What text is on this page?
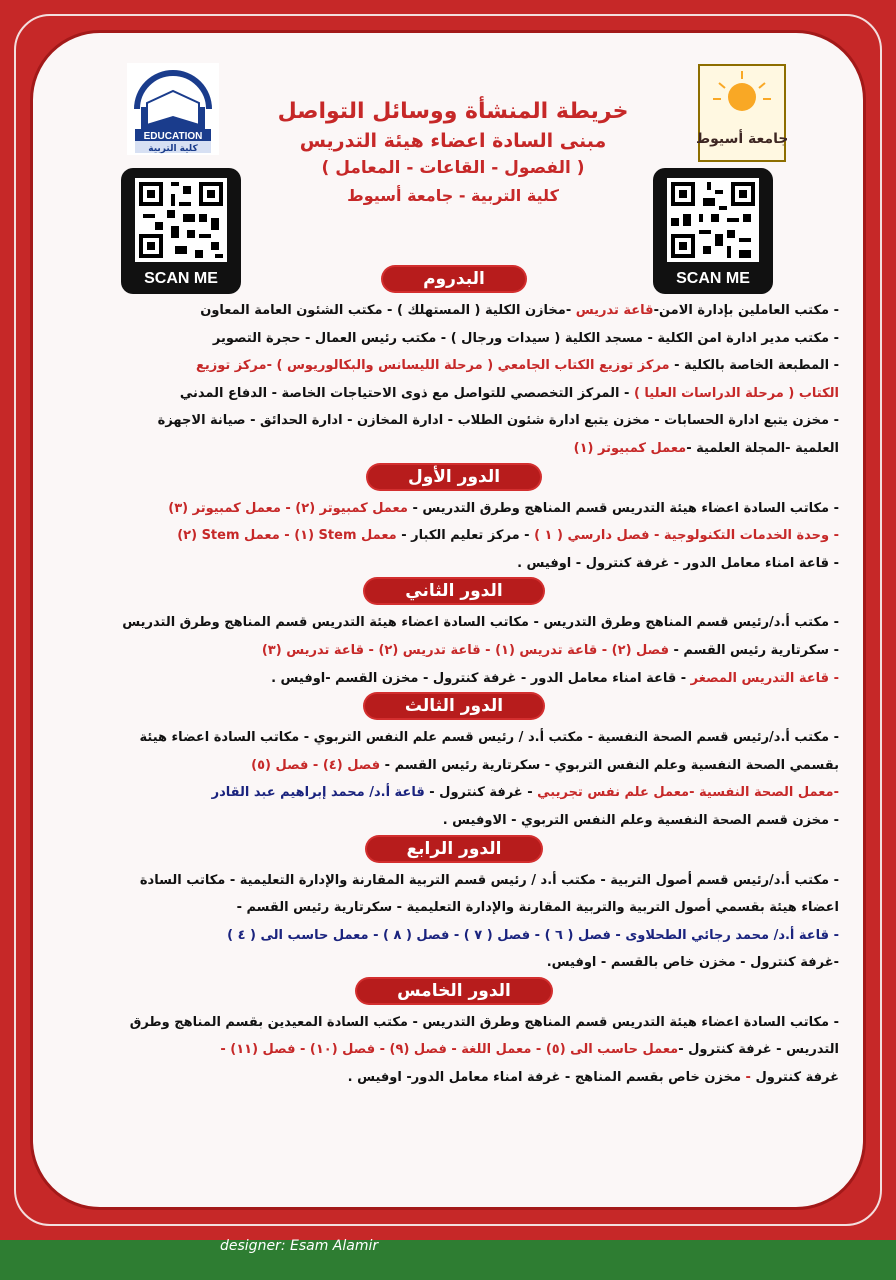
EDUCATION
كلية التربية
جامعة أسيوط
SCAN ME	SCAN ME
خريطة المنشأة ووسائل التواصل
مبنى السادة اعضاء هيئة التدريس
( الفصول - القاعات - المعامل )
كلية التربية - جامعة أسيوط
البدروم
- مكتب العاملين بإدارة الامن-قاعة تدريس -مخازن الكلية ( المستهلك ) - مكتب الشئون العامة المعاون
- مكتب مدير ادارة امن الكلية - مسجد الكلية ( سيدات ورجال ) - مكتب رئيس العمال - حجرة التصوير
- المطبعة الخاصة بالكلية - مركز توزيع الكتاب الجامعي ( مرحلة الليسانس والبكالوريوس ) -مركز توزيع
الكتاب ( مرحلة الدراسات العليا ) - المركز التخصصي للتواصل مع ذوى الاحتياجات الخاصة - الدفاع المدني
- مخزن يتبع ادارة الحسابات - مخزن يتبع ادارة شئون الطلاب - ادارة المخازن - ادارة الحدائق - صيانة الاجهزة
العلمية -المجلة العلمية -معمل كمبيوتر (١)
الدور الأول
- مكاتب السادة اعضاء هيئة التدريس قسم المناهج وطرق التدريس - معمل كمبيوتر (٢) - معمل كمبيوتر (٣)
- وحدة الخدمات التكنولوجية - فصل دارسي ( ١ ) - مركز تعليم الكبار - معمل Stem (١) - معمل Stem (٢)
- قاعة امناء معامل الدور - غرفة كنترول - اوفيس .
الدور الثاني
- مكتب أ.د/رئيس قسم المناهج وطرق التدريس - مكاتب السادة اعضاء هيئة التدريس قسم المناهج وطرق التدريس
- سكرتارية رئيس القسم - فصل (٢) - قاعة تدريس (١) - قاعة تدريس (٢) - قاعة تدريس (٣)
- قاعة التدريس المصغر - قاعة امناء معامل الدور - غرفة كنترول - مخزن القسم -اوفيس .
الدور الثالث
- مكتب أ.د/رئيس قسم الصحة النفسية - مكتب أ.د / رئيس قسم علم النفس التربوي - مكاتب السادة اعضاء هيئة
بقسمي الصحة النفسية وعلم النفس التربوي - سكرتارية رئيس القسم - فصل (٤) - فصل (٥)
-معمل الصحة النفسية -معمل علم نفس تجريبي - غرفة كنترول - قاعة أ.د/ محمد إبراهيم عبد القادر
- مخزن قسم الصحة النفسية وعلم النفس التربوي - الاوفيس .
الدور الرابع
- مكتب أ.د/رئيس قسم أصول التربية - مكتب أ.د / رئيس قسم التربية المقارنة والإدارة التعليمية - مكاتب السادة
اعضاء هيئة بقسمي أصول التربية والتربية المقارنة والإدارة التعليمية - سكرتارية رئيس القسم -
- قاعة أ.د/ محمد رجائي الطحلاوى - فصل ( ٦ ) - فصل ( ٧ ) - فصل ( ٨ ) - معمل حاسب الى ( ٤ )
-غرفة كنترول - مخزن خاص بالقسم - اوفيس.
الدور الخامس
- مكاتب السادة اعضاء هيئة التدريس قسم المناهج وطرق التدريس - مكتب السادة المعيدين بقسم المناهج وطرق
التدريس - غرفة كنترول -معمل حاسب الى (٥) - معمل اللغة - فصل (٩) - فصل (١٠) - فصل (١١) -
غرفة كنترول - مخزن خاص بقسم المناهج - غرفة امناء معامل الدور- اوفيس .
designer: Esam Alamir
